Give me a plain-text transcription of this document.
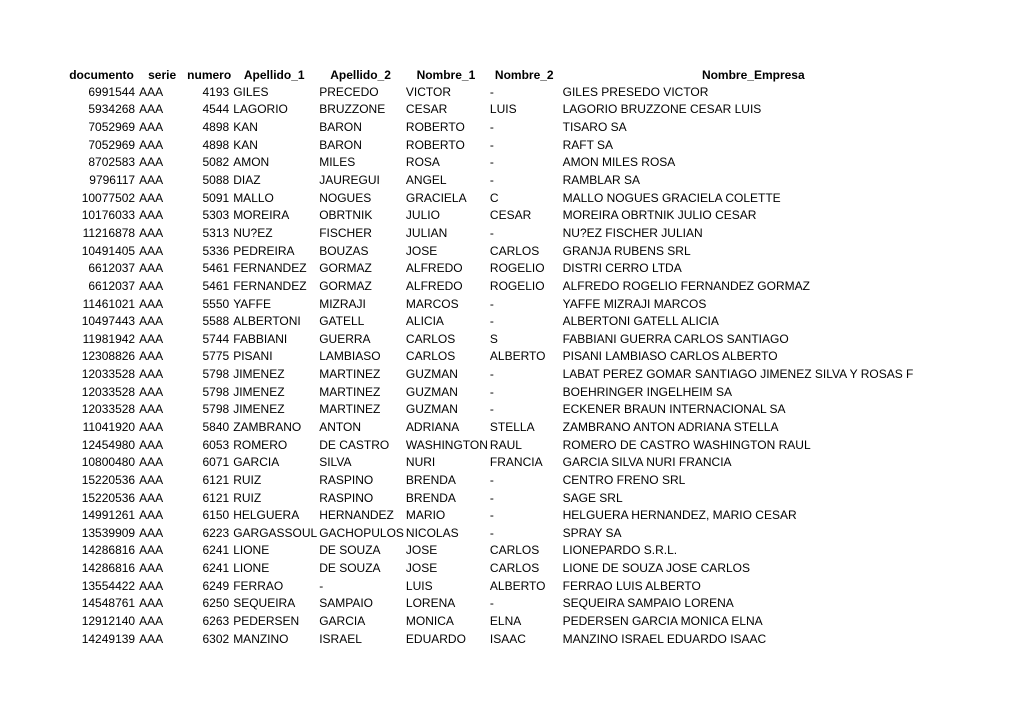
documento	serie	numero	Apellido_1	Apellido_2	Nombre_1	Nombre_2	Nombre_Empresa
6991544	AAA	4193	GILES	PRECEDO	VICTOR	-	GILES PRESEDO VICTOR
5934268	AAA	4544	LAGORIO	BRUZZONE	CESAR	LUIS	LAGORIO BRUZZONE CESAR LUIS
7052969	AAA	4898	KAN	BARON	ROBERTO	-	TISARO SA
7052969	AAA	4898	KAN	BARON	ROBERTO	-	RAFT SA
8702583	AAA	5082	AMON	MILES	ROSA	-	AMON MILES ROSA
9796117	AAA	5088	DIAZ	JAUREGUI	ANGEL	-	RAMBLAR SA
10077502	AAA	5091	MALLO	NOGUES	GRACIELA	C	MALLO NOGUES GRACIELA COLETTE
10176033	AAA	5303	MOREIRA	OBRTNIK	JULIO	CESAR	MOREIRA OBRTNIK JULIO CESAR
11216878	AAA	5313	NU?EZ	FISCHER	JULIAN	-	NU?EZ FISCHER JULIAN
10491405	AAA	5336	PEDREIRA	BOUZAS	JOSE	CARLOS	GRANJA RUBENS SRL
6612037	AAA	5461	FERNANDEZ	GORMAZ	ALFREDO	ROGELIO	DISTRI CERRO LTDA
6612037	AAA	5461	FERNANDEZ	GORMAZ	ALFREDO	ROGELIO	ALFREDO ROGELIO FERNANDEZ GORMAZ
11461021	AAA	5550	YAFFE	MIZRAJI	MARCOS	-	YAFFE MIZRAJI MARCOS
10497443	AAA	5588	ALBERTONI	GATELL	ALICIA	-	ALBERTONI GATELL ALICIA
11981942	AAA	5744	FABBIANI	GUERRA	CARLOS	S	FABBIANI GUERRA CARLOS SANTIAGO
12308826	AAA	5775	PISANI	LAMBIASO	CARLOS	ALBERTO	PISANI LAMBIASO CARLOS ALBERTO
12033528	AAA	5798	JIMENEZ	MARTINEZ	GUZMAN	-	LABAT PEREZ GOMAR SANTIAGO JIMENEZ SILVA Y ROSAS F
12033528	AAA	5798	JIMENEZ	MARTINEZ	GUZMAN	-	BOEHRINGER INGELHEIM SA
12033528	AAA	5798	JIMENEZ	MARTINEZ	GUZMAN	-	ECKENER BRAUN INTERNACIONAL SA
11041920	AAA	5840	ZAMBRANO	ANTON	ADRIANA	STELLA	ZAMBRANO ANTON ADRIANA STELLA
12454980	AAA	6053	ROMERO	DE CASTRO	WASHINGTON	RAUL	ROMERO DE CASTRO WASHINGTON RAUL
10800480	AAA	6071	GARCIA	SILVA	NURI	FRANCIA	GARCIA SILVA NURI FRANCIA
15220536	AAA	6121	RUIZ	RASPINO	BRENDA	-	CENTRO FRENO SRL
15220536	AAA	6121	RUIZ	RASPINO	BRENDA	-	SAGE SRL
14991261	AAA	6150	HELGUERA	HERNANDEZ	MARIO	-	HELGUERA HERNANDEZ, MARIO CESAR
13539909	AAA	6223	GARGASSOUL	GACHOPULOS	NICOLAS	-	SPRAY SA
14286816	AAA	6241	LIONE	DE SOUZA	JOSE	CARLOS	LIONEPARDO S.R.L.
14286816	AAA	6241	LIONE	DE SOUZA	JOSE	CARLOS	LIONE DE SOUZA JOSE CARLOS
13554422	AAA	6249	FERRAO	-	LUIS	ALBERTO	FERRAO LUIS ALBERTO
14548761	AAA	6250	SEQUEIRA	SAMPAIO	LORENA	-	SEQUEIRA SAMPAIO LORENA
12912140	AAA	6263	PEDERSEN	GARCIA	MONICA	ELNA	PEDERSEN GARCIA MONICA ELNA
14249139	AAA	6302	MANZINO	ISRAEL	EDUARDO	ISAAC	MANZINO ISRAEL EDUARDO ISAAC
